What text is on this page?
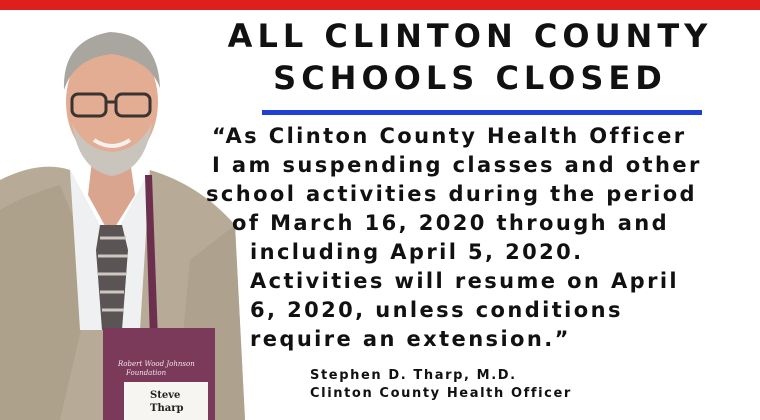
Robert Wood Johnson
Foundation
Steve
Tharp
ALL CLINTON COUNTY
SCHOOLS CLOSED

“As Clinton County Health Officer

I am suspending classes and other

school activities during the period

of March 16, 2020 through and

including April 5, 2020.

Activities will resume on April

6, 2020, unless conditions

require an extension.”

Stephen D. Tharp, M.D.

Clinton County Health Officer
